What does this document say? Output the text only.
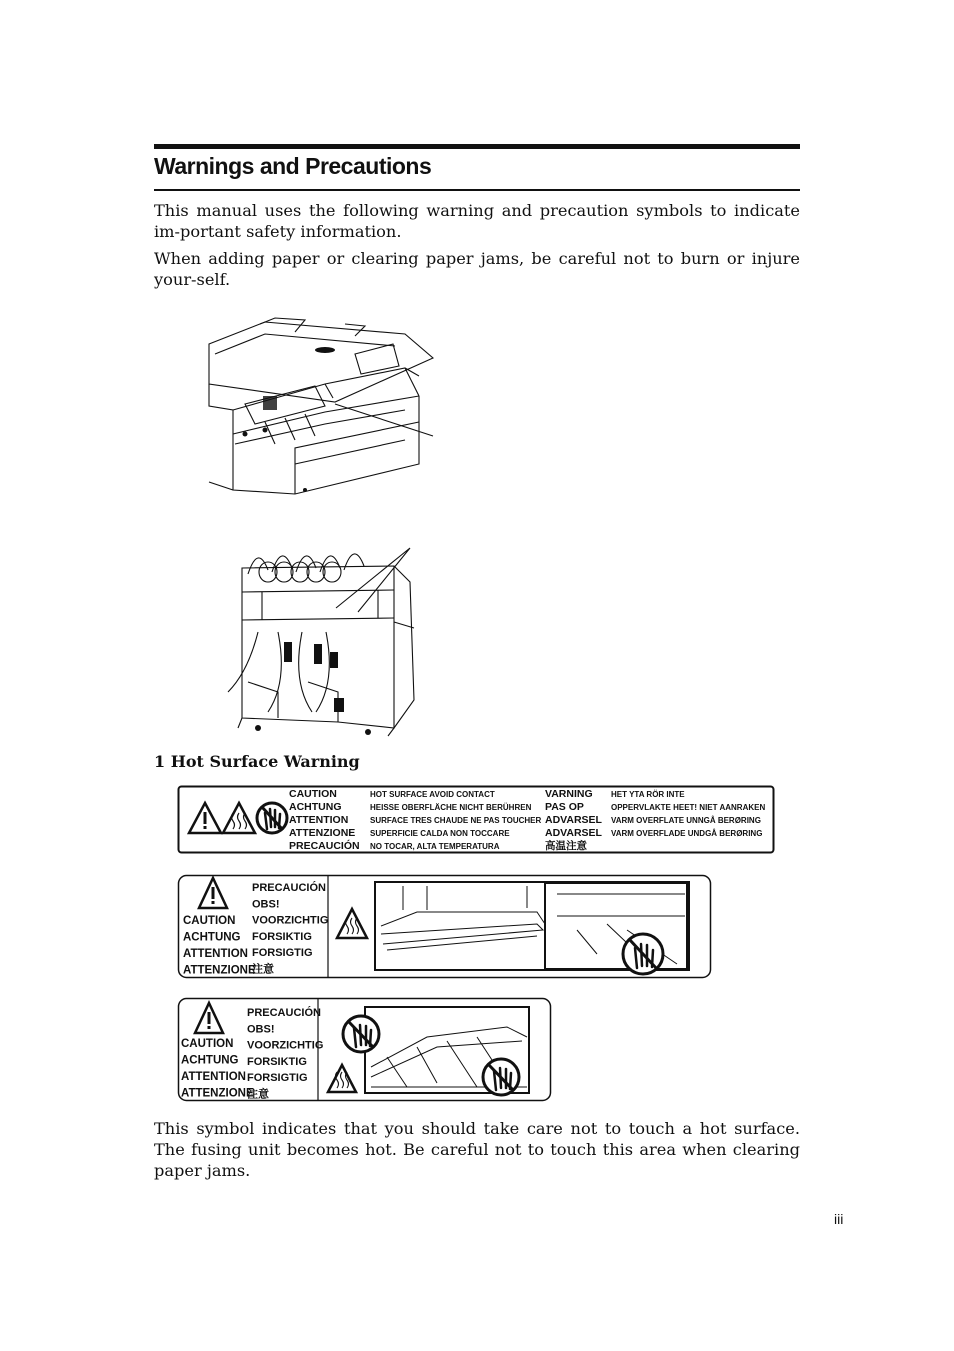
Warnings and Precautions
This manual uses the following warning and precaution symbols to indicate im-portant safety information.
When adding paper or clearing paper jams, be careful not to burn or injure your-self.
1 Hot Surface Warning
CAUTION
ACHTUNG
ATTENTION
ATTENZIONE
PRECAUCIÓN
HOT SURFACE AVOID CONTACT
HEISSE OBERFLÄCHE NICHT BERÜHREN
SURFACE TRES CHAUDE NE PAS TOUCHER
SUPERFICIE CALDA NON TOCCARE
NO TOCAR, ALTA TEMPERATURA
VARNING
PAS OP
ADVARSEL
ADVARSEL
高温注意
HET YTA RÖR INTE
OPPERVLAKTE HEET! NIET AANRAKEN
VARM OVERFLATE UNNGÅ BERØRING
VARM OVERFLADE UNDGÅ BERØRING
CAUTION
ACHTUNG
ATTENTION
ATTENZIONE
PRECAUCIÓN
OBS!
VOORZICHTIG
FORSIKTIG
FORSIGTIG
注意
CAUTION
ACHTUNG
ATTENTION
ATTENZIONE
PRECAUCIÓN
OBS!
VOORZICHTIG
FORSIKTIG
FORSIGTIG
注意
This symbol indicates that you should take care not to touch a hot surface. The fusing unit becomes hot. Be careful not to touch this area when clearing paper jams.
iii
